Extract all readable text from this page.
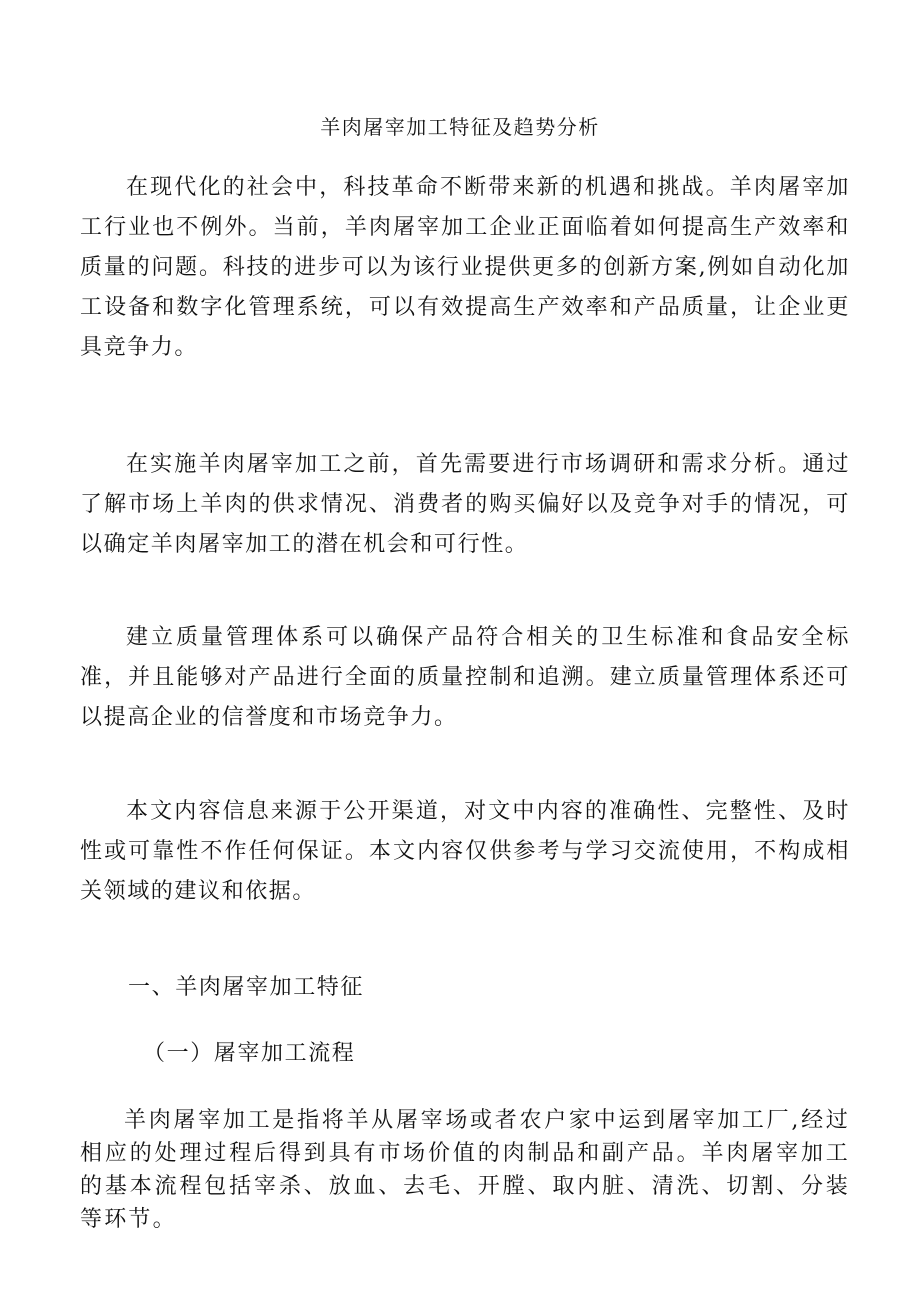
羊肉屠宰加工特征及趋势分析

在现代化的社会中，科技革命不断带来新的机遇和挑战。羊肉屠宰加工行业也不例外。当前，羊肉屠宰加工企业正面临着如何提高生产效率和质量的问题。科技的进步可以为该行业提供更多的创新方案,例如自动化加工设备和数字化管理系统，可以有效提高生产效率和产品质量，让企业更具竞争力。

在实施羊肉屠宰加工之前，首先需要进行市场调研和需求分析。通过了解市场上羊肉的供求情况、消费者的购买偏好以及竞争对手的情况，可以确定羊肉屠宰加工的潜在机会和可行性。

建立质量管理体系可以确保产品符合相关的卫生标准和食品安全标准，并且能够对产品进行全面的质量控制和追溯。建立质量管理体系还可以提高企业的信誉度和市场竞争力。

本文内容信息来源于公开渠道，对文中内容的准确性、完整性、及时性或可靠性不作任何保证。本文内容仅供参考与学习交流使用，不构成相关领域的建议和依据。

一、羊肉屠宰加工特征

（一）屠宰加工流程

羊肉屠宰加工是指将羊从屠宰场或者农户家中运到屠宰加工厂,经过相应的处理过程后得到具有市场价值的肉制品和副产品。羊肉屠宰加工的基本流程包括宰杀、放血、去毛、开膛、取内脏、清洗、切割、分装等环节。
